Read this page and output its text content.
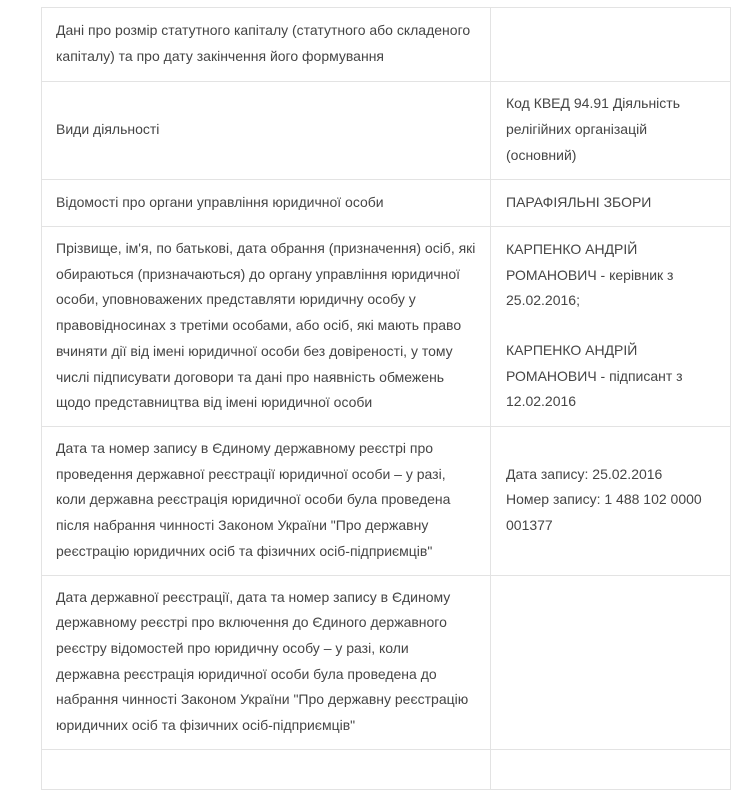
Дані про розмір статутного капіталу (статутного або складеного капіталу) та про дату закінчення його формування	
Види діяльності	Код КВЕД 94.91 Діяльність релігійних організацій (основний)

Відомості про органи управління юридичної особи	ПАРАФІЯЛЬНІ ЗБОРИ

Прізвище, ім'я, по батькові, дата обрання (призначення) осіб, які обираються (призначаються) до органу управління юридичної особи, уповноважених представляти юридичну особу у правовідносинах з третіми особами, або осіб, які мають право вчиняти дії від імені юридичної особи без довіреності, у тому числі підписувати договори та дані про наявність обмежень щодо представництва від імені юридичної особи	КАРПЕНКО АНДРІЙ РОМАНОВИЧ - керівник з 25.02.2016;
КАРПЕНКО АНДРІЙ РОМАНОВИЧ - підписант з 12.02.2016

Дата та номер запису в Єдиному державному реєстрі про проведення державної реєстрації юридичної особи – у разі, коли державна реєстрація юридичної особи була проведена після набрання чинності Законом України "Про державну реєстрацію юридичних осіб та фізичних осіб-підприємців"	Дата запису: 25.02.2016
Номер запису: 1 488 102 0000 001377

Дата державної реєстрації, дата та номер запису в Єдиному державному реєстрі про включення до Єдиного державного реєстру відомостей про юридичну особу – у разі, коли державна реєстрація юридичної особи була проведена до набрання чинності Законом України "Про державну реєстрацію юридичних осіб та фізичних осіб-підприємців"	
